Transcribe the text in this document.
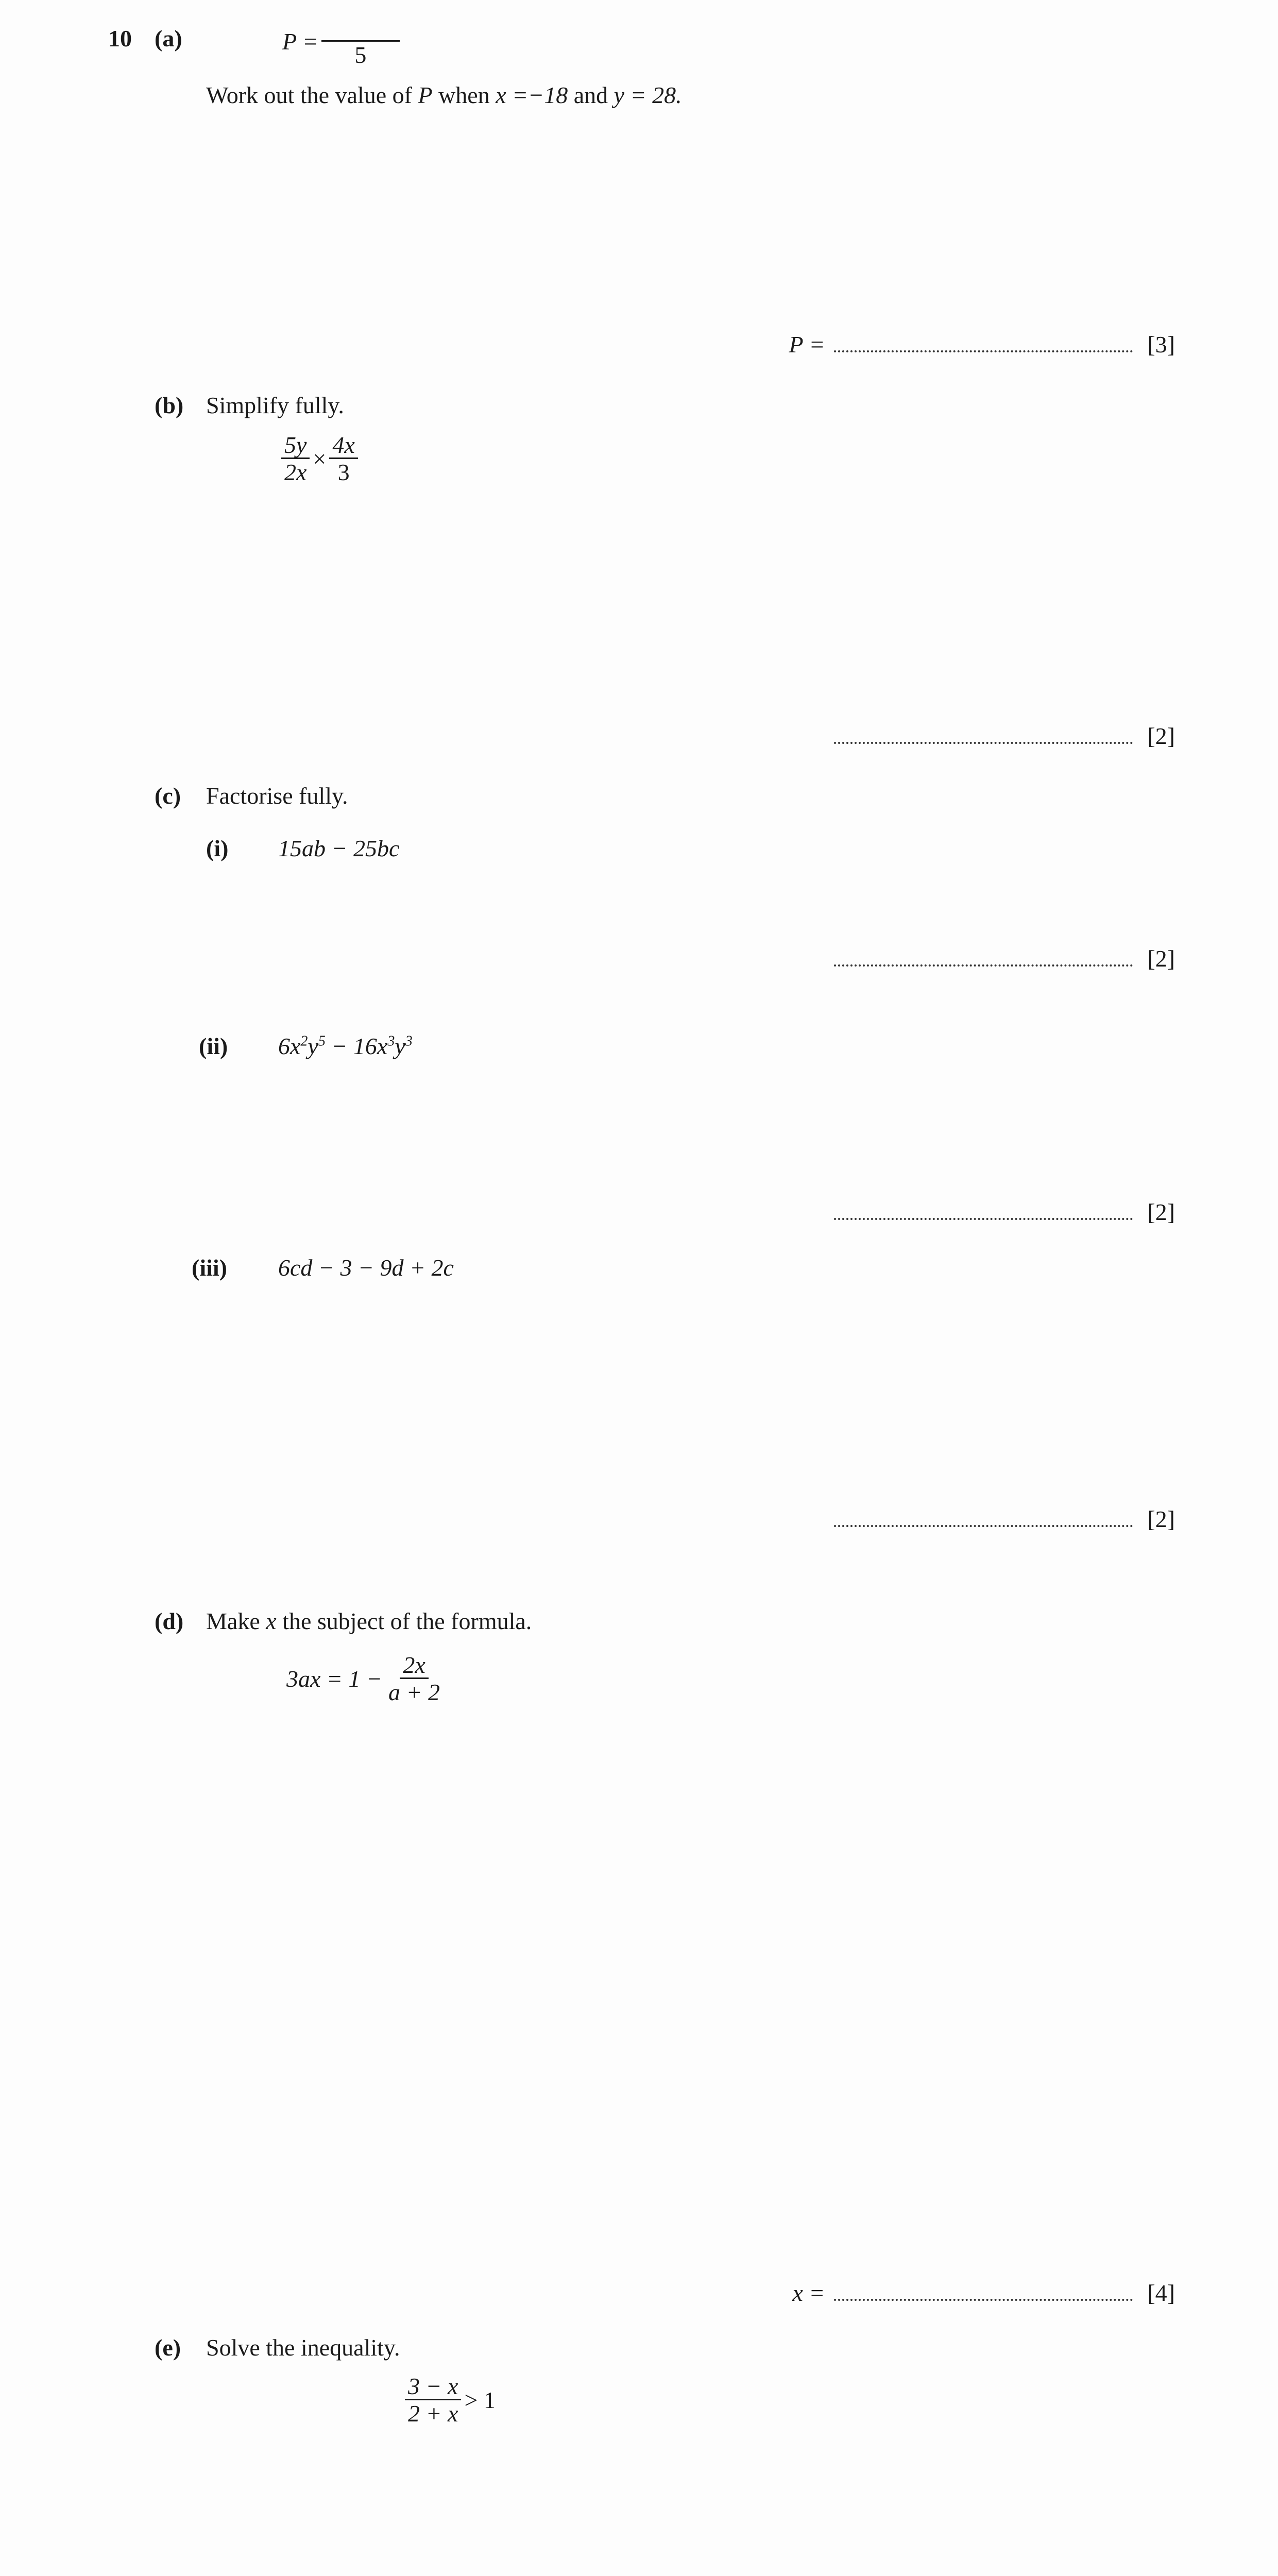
10 (a)	P =
5
Work out the value of P when x =−18 and y = 28.
P =	[3]
(b) Simplify fully.
$\frac{5y}{2x} \times \frac{4x}{3}$
[2]
(c) Factorise fully.
(i) 15ab − 25bc
[2]
(ii) $6x^2y^5 - 16x^3y^3$
[2]
(iii) 6cd − 3 − 9d + 2c
[2]
(d) Make x the subject of the formula.
$3ax = 1 - \frac{2x}{a + 2}$
x =	[4]
(e) Solve the inequality.
$\frac{3 - x}{2 + x} > 1$
